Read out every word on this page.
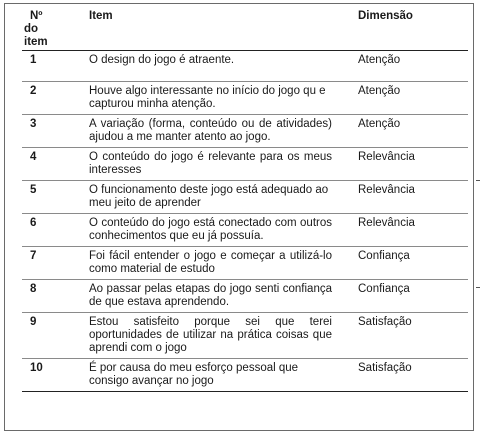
Nº
do
item	Item	Dimensão
1	O design do jogo é atraente.	Atenção
2	Houve algo interessante no início do jogo qu e capturou minha atenção.	Atenção
3	A variação (forma, conteúdo ou de atividades) ajudou a me manter atento ao jogo.	Atenção
4	O conteúdo do jogo é relevante para os meus interesses	Relevância
5	O funcionamento deste jogo está adequado ao meu jeito de aprender	Relevância
6	O conteúdo do jogo está conectado com outros conhecimentos que eu já possuía.	Relevância
7	Foi fácil entender o jogo e começar a utilizá-lo como material de estudo	Confiança
8	Ao passar pelas etapas do jogo senti confiança de que estava aprendendo.	Confiança
9	Estou satisfeito porque sei que terei oportunidades de utilizar na prática coisas que aprendi com o jogo	Satisfação
10	É por causa do meu esforço pessoal que consigo avançar no jogo	Satisfação
